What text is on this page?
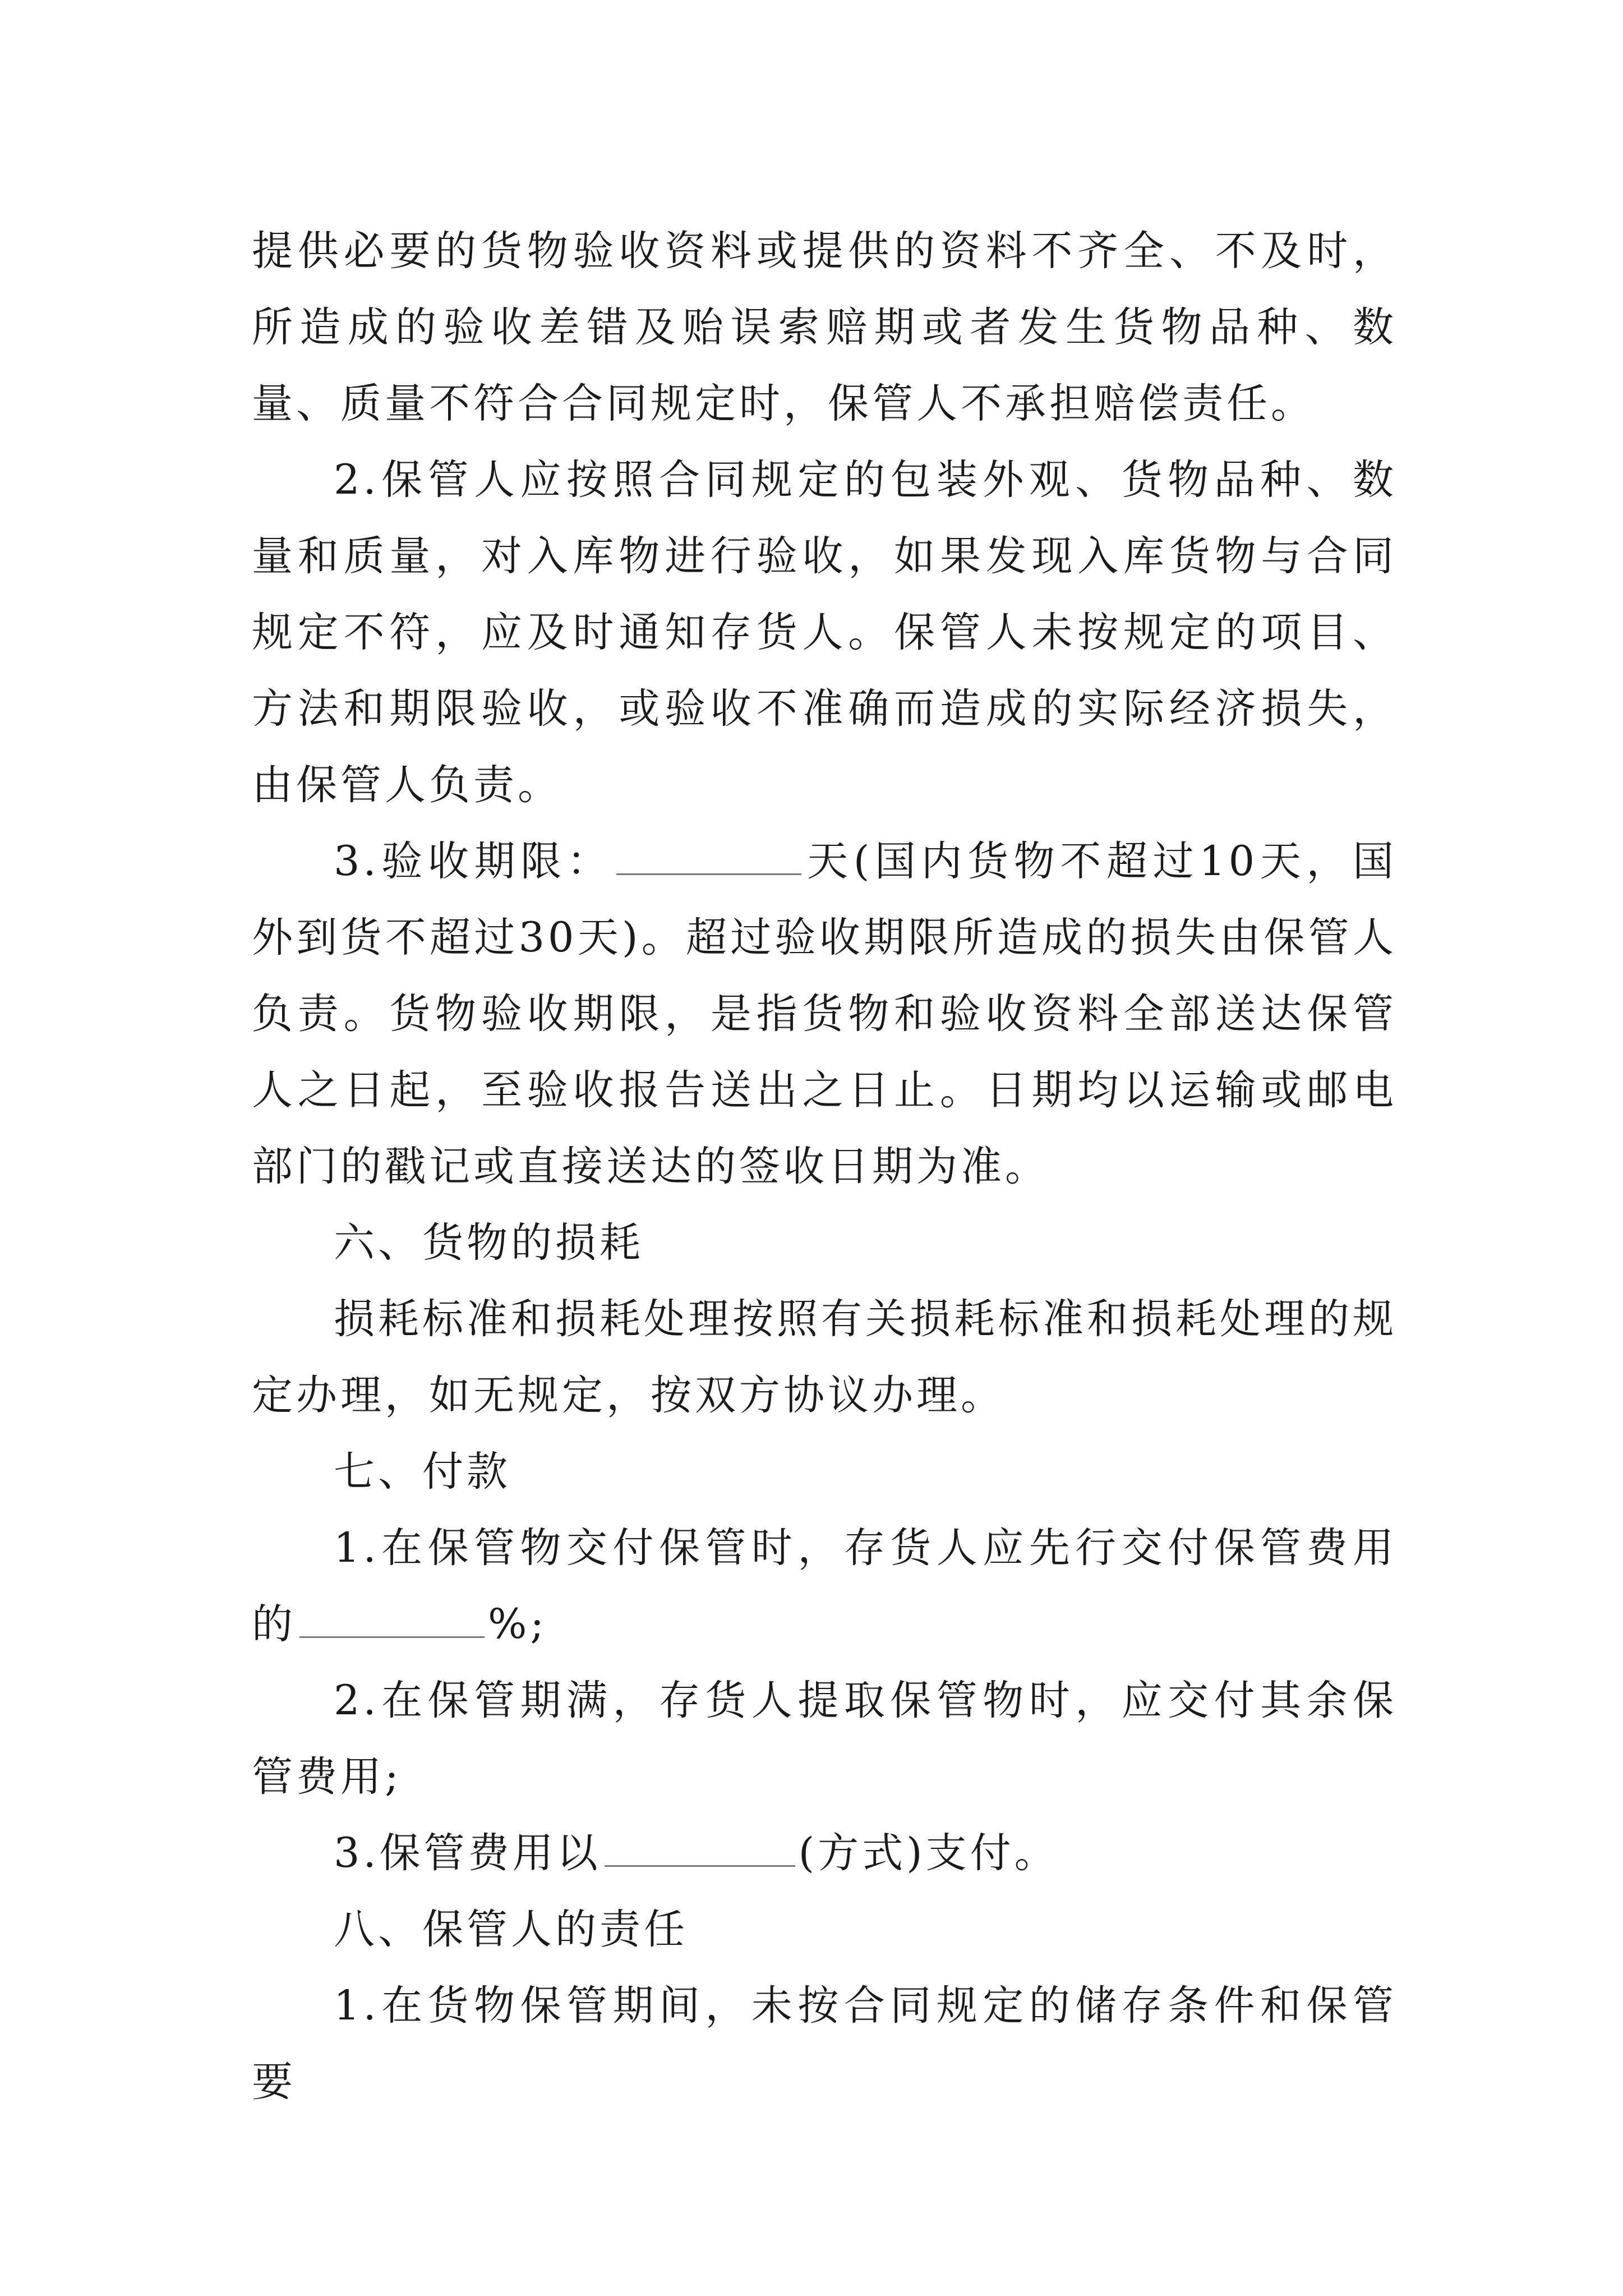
提供必要的货物验收资料或提供的资料不齐全、不及时，所造成的验收差错及贻误索赔期或者发生货物品种、数量、质量不符合合同规定时，保管人不承担赔偿责任。

2.保管人应按照合同规定的包装外观、货物品种、数量和质量，对入库物进行验收，如果发现入库货物与合同规定不符，应及时通知存货人。保管人未按规定的项目、方法和期限验收，或验收不准确而造成的实际经济损失，由保管人负责。

3.验收期限：	天(国内货物不超过10天，国外到货不超过30天)。超过验收期限所造成的损失由保管人负责。货物验收期限，是指货物和验收资料全部送达保管人之日起，至验收报告送出之日止。日期均以运输或邮电部门的戳记或直接送达的签收日期为准。

六、货物的损耗

损耗标准和损耗处理按照有关损耗标准和损耗处理的规定办理，如无规定，按双方协议办理。

七、付款

1.在保管物交付保管时，存货人应先行交付保管费用的	%;

2.在保管期满，存货人提取保管物时，应交付其余保管费用;

3.保管费用以	(方式)支付。

八、保管人的责任

1.在货物保管期间，未按合同规定的储存条件和保管要
